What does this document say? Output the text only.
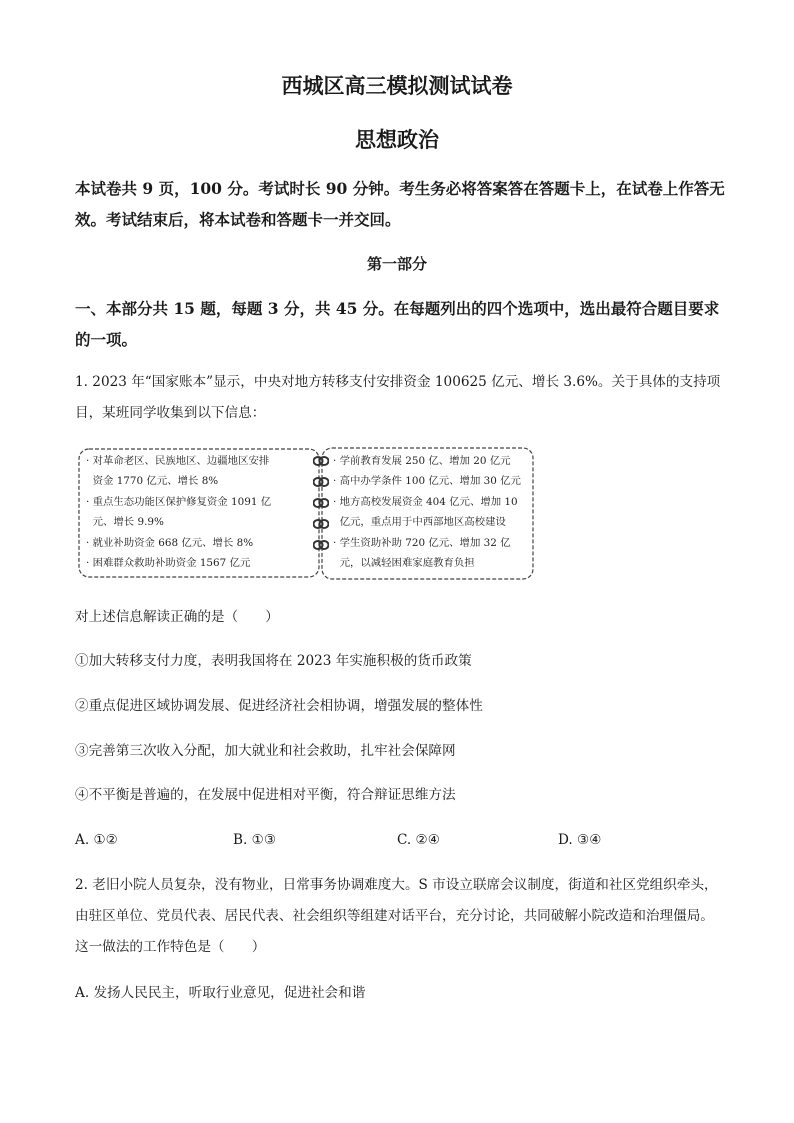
西城区高三模拟测试试卷
思想政治
本试卷共 9 页，100 分。考试时长 90 分钟。考生务必将答案答在答题卡上，在试卷上作答无
效。考试结束后，将本试卷和答题卡一并交回。
第一部分
一、本部分共 15 题，每题 3 分，共 45 分。在每题列出的四个选项中，选出最符合题目要求
的一项。
1. 2023 年“国家账本”显示，中央对地方转移支付安排资金 100625 亿元、增长 3.6%。关于具体的支持项
目，某班同学收集到以下信息：

· 对革命老区、民族地区、边疆地区安排

资金 1770 亿元、增长 8%

· 重点生态功能区保护修复资金 1091 亿

元、增长 9.9%

· 就业补助资金 668 亿元、增长 8%

· 困难群众救助补助资金 1567 亿元

· 学前教育发展 250 亿、增加 20 亿元

· 高中办学条件 100 亿元、增加 30 亿元

· 地方高校发展资金 404 亿元、增加 10

亿元，重点用于中西部地区高校建设

· 学生资助补助 720 亿元、增加 32 亿

元，以减轻困难家庭教育负担

对上述信息解读正确的是（　　）
①加大转移支付力度，表明我国将在 2023 年实施积极的货币政策
②重点促进区域协调发展、促进经济社会相协调，增强发展的整体性
③完善第三次收入分配，加大就业和社会救助，扎牢社会保障网
④不平衡是普遍的，在发展中促进相对平衡，符合辩证思维方法
A. ①②	B. ①③	C. ②④	D. ③④
2. 老旧小院人员复杂，没有物业，日常事务协调难度大。S 市设立联席会议制度，街道和社区党组织牵头，
由驻区单位、党员代表、居民代表、社会组织等组建对话平台，充分讨论，共同破解小院改造和治理僵局。
这一做法的工作特色是（　　）
A. 发扬人民民主，听取行业意见，促进社会和谐
